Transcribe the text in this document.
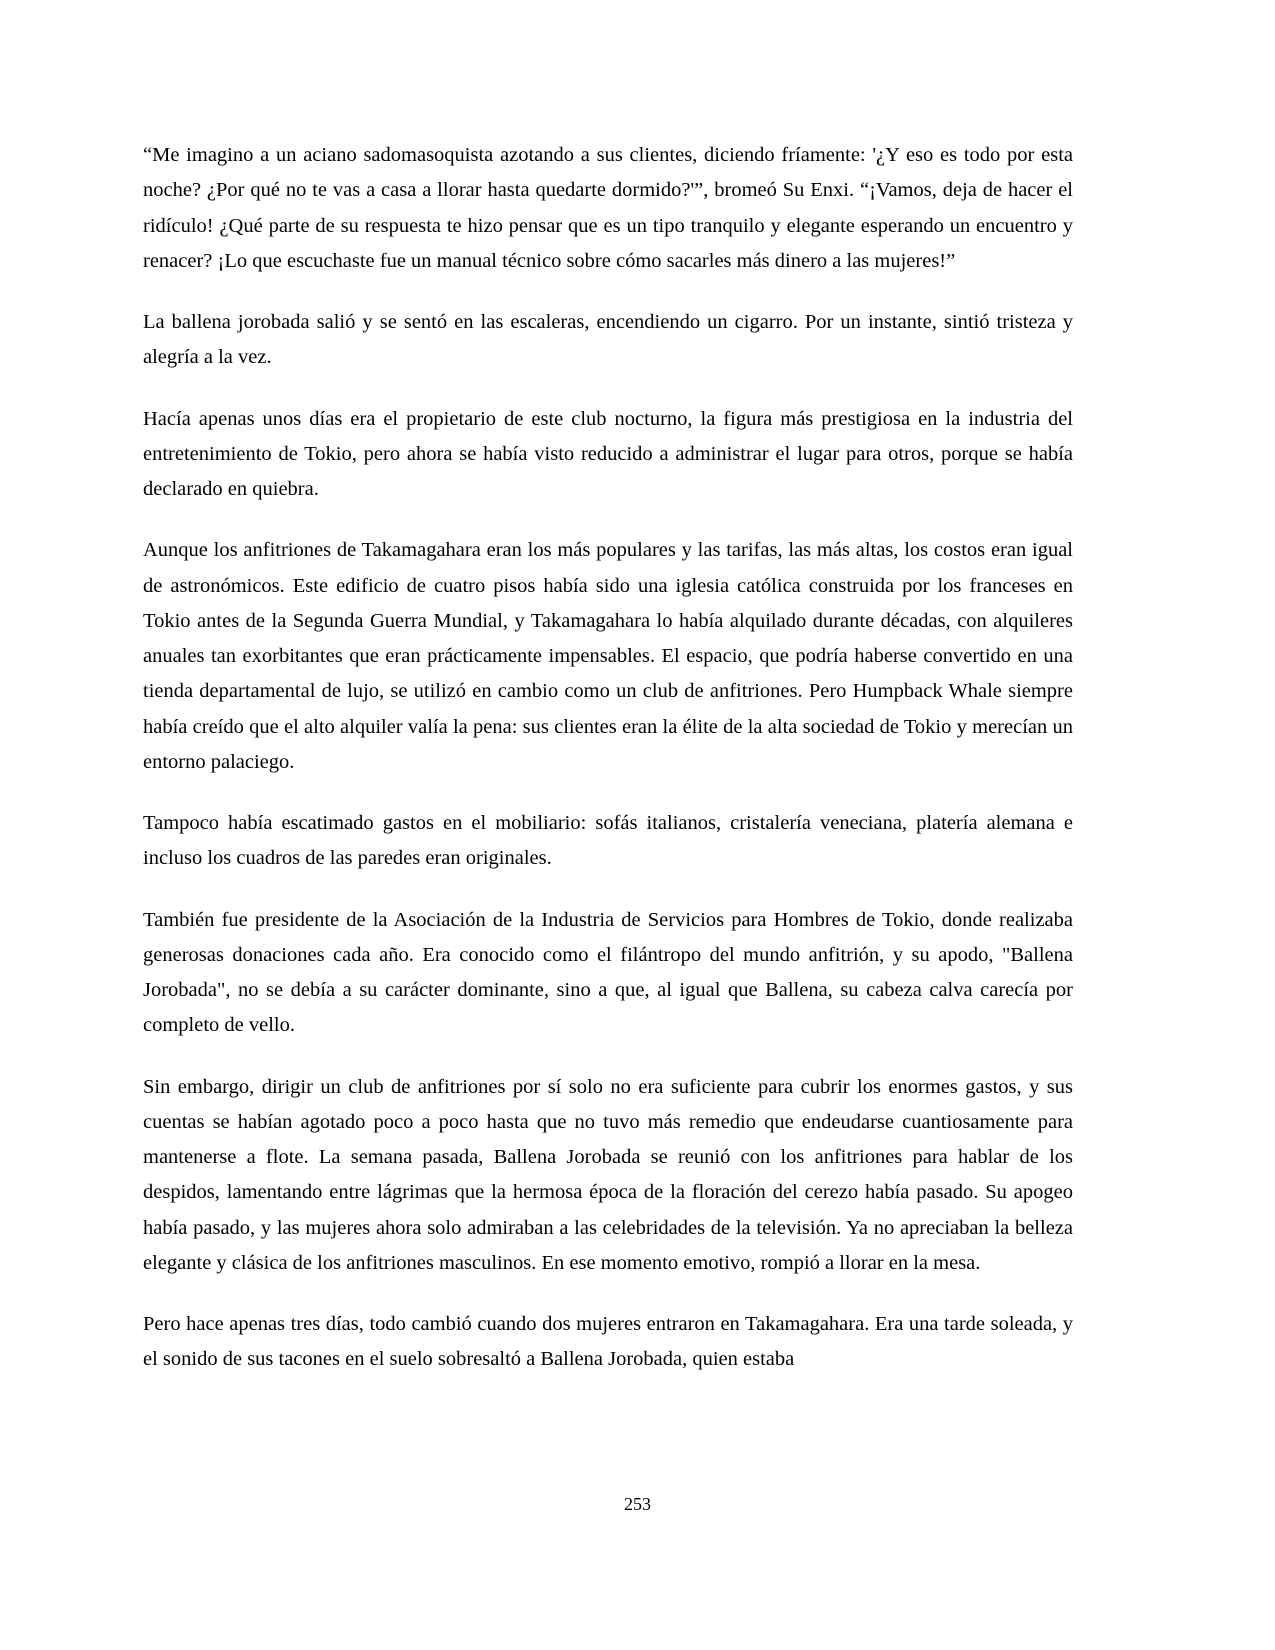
“Me imagino a un aciano sadomasoquista azotando a sus clientes, diciendo fríamente: '¿Y eso es todo por esta noche? ¿Por qué no te vas a casa a llorar hasta quedarte dormido?'”, bromeó Su Enxi. “¡Vamos, deja de hacer el ridículo! ¿Qué parte de su respuesta te hizo pensar que es un tipo tranquilo y elegante esperando un encuentro y renacer? ¡Lo que escuchaste fue un manual técnico sobre cómo sacarles más dinero a las mujeres!”

La ballena jorobada salió y se sentó en las escaleras, encendiendo un cigarro. Por un instante, sintió tristeza y alegría a la vez.

Hacía apenas unos días era el propietario de este club nocturno, la figura más prestigiosa en la industria del entretenimiento de Tokio, pero ahora se había visto reducido a administrar el lugar para otros, porque se había declarado en quiebra.

Aunque los anfitriones de Takamagahara eran los más populares y las tarifas, las más altas, los costos eran igual de astronómicos. Este edificio de cuatro pisos había sido una iglesia católica construida por los franceses en Tokio antes de la Segunda Guerra Mundial, y Takamagahara lo había alquilado durante décadas, con alquileres anuales tan exorbitantes que eran prácticamente impensables. El espacio, que podría haberse convertido en una tienda departamental de lujo, se utilizó en cambio como un club de anfitriones. Pero Humpback Whale siempre había creído que el alto alquiler valía la pena: sus clientes eran la élite de la alta sociedad de Tokio y merecían un entorno palaciego.

Tampoco había escatimado gastos en el mobiliario: sofás italianos, cristalería veneciana, platería alemana e incluso los cuadros de las paredes eran originales.

También fue presidente de la Asociación de la Industria de Servicios para Hombres de Tokio, donde realizaba generosas donaciones cada año. Era conocido como el filántropo del mundo anfitrión, y su apodo, "Ballena Jorobada", no se debía a su carácter dominante, sino a que, al igual que Ballena, su cabeza calva carecía por completo de vello.

Sin embargo, dirigir un club de anfitriones por sí solo no era suficiente para cubrir los enormes gastos, y sus cuentas se habían agotado poco a poco hasta que no tuvo más remedio que endeudarse cuantiosamente para mantenerse a flote. La semana pasada, Ballena Jorobada se reunió con los anfitriones para hablar de los despidos, lamentando entre lágrimas que la hermosa época de la floración del cerezo había pasado. Su apogeo había pasado, y las mujeres ahora solo admiraban a las celebridades de la televisión. Ya no apreciaban la belleza elegante y clásica de los anfitriones masculinos. En ese momento emotivo, rompió a llorar en la mesa.

Pero hace apenas tres días, todo cambió cuando dos mujeres entraron en Takamagahara. Era una tarde soleada, y el sonido de sus tacones en el suelo sobresaltó a Ballena Jorobada, quien estaba

253
